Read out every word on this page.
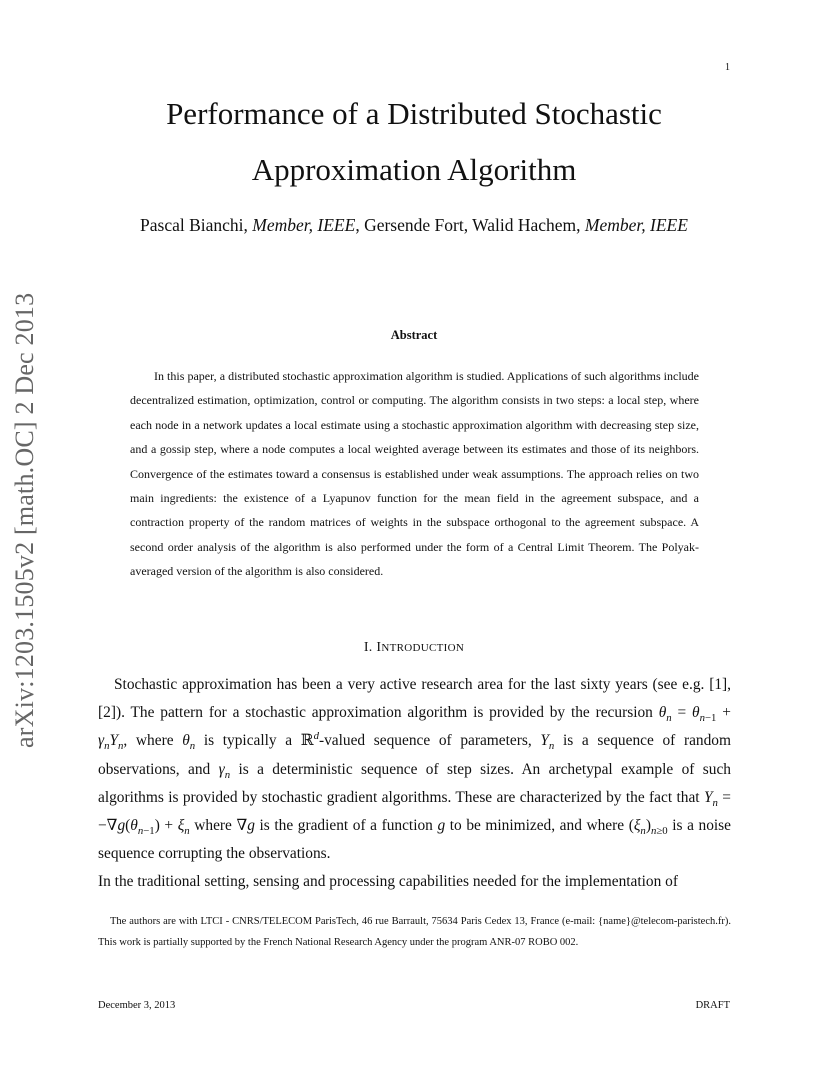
1
arXiv:1203.1505v2 [math.OC] 2 Dec 2013
Performance of a Distributed Stochastic
Approximation Algorithm
Pascal Bianchi, Member, IEEE, Gersende Fort, Walid Hachem, Member, IEEE
Abstract

In this paper, a distributed stochastic approximation algorithm is studied. Applications of such algorithms include decentralized estimation, optimization, control or computing. The algorithm consists in two steps: a local step, where each node in a network updates a local estimate using a stochastic approximation algorithm with decreasing step size, and a gossip step, where a node computes a local weighted average between its estimates and those of its neighbors. Convergence of the estimates toward a consensus is established under weak assumptions. The approach relies on two main ingredients: the existence of a Lyapunov function for the mean field in the agreement subspace, and a contraction property of the random matrices of weights in the subspace orthogonal to the agreement subspace. A second order analysis of the algorithm is also performed under the form of a Central Limit Theorem. The Polyak-averaged version of the algorithm is also considered.

I. INTRODUCTION
Stochastic approximation has been a very active research area for the last sixty years (see e.g. [1], [2]). The pattern for a stochastic approximation algorithm is provided by the recursion $\theta_n = \theta_{n-1} + \gamma_nY_n$, where $\theta_n$ is typically a ℝ$^d$-valued sequence of parameters, $Y_n$ is a sequence of random observations, and $\gamma_n$ is a deterministic sequence of step sizes. An archetypal example of such algorithms is provided by stochastic gradient algorithms. These are characterized by the fact that $Y_n = -\nabla g(\theta_{n-1}) + \xi_n$ where ∇g is the gradient of a function g to be minimized, and where $(\xi_n)_{n\ge 0}$ is a noise sequence corrupting the observations.
In the traditional setting, sensing and processing capabilities needed for the implementation of

The authors are with LTCI - CNRS/TELECOM ParisTech, 46 rue Barrault, 75634 Paris Cedex 13, France (e-mail: {name}@telecom-paristech.fr). This work is partially supported by the French National Research Agency under the program ANR-07 ROBO 002.

December 3, 2013	DRAFT
